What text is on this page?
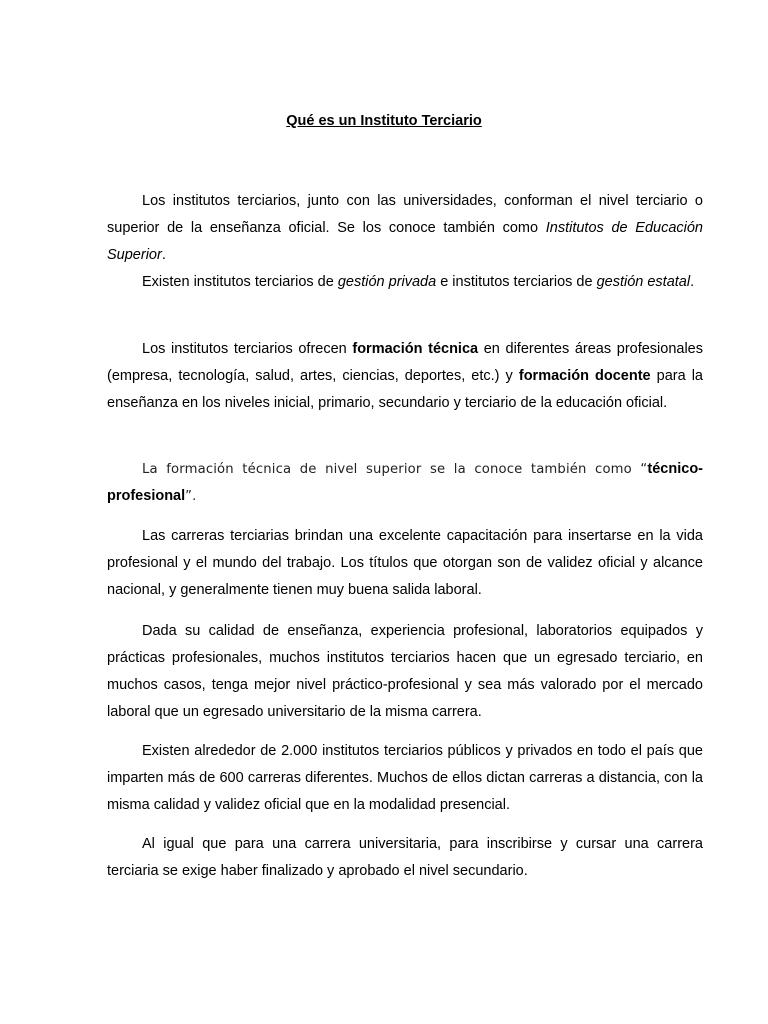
Qué es un Instituto Terciario

Los institutos terciarios, junto con las universidades, conforman el nivel terciario o superior de la enseñanza oficial. Se los conoce también como Institutos de Educación Superior.

Existen institutos terciarios de gestión privada e institutos terciarios de gestión estatal.

Los institutos terciarios ofrecen formación técnica en diferentes áreas profesionales (empresa, tecnología, salud, artes, ciencias, deportes, etc.) y formación docente para la enseñanza en los niveles inicial, primario, secundario y terciario de la educación oficial.

La formación técnica de nivel superior se la conoce también como “técnico-profesional”.

Las carreras terciarias brindan una excelente capacitación para insertarse en la vida profesional y el mundo del trabajo. Los títulos que otorgan son de validez oficial y alcance nacional, y generalmente tienen muy buena salida laboral.

Dada su calidad de enseñanza, experiencia profesional, laboratorios equipados y prácticas profesionales, muchos institutos terciarios hacen que un egresado terciario, en muchos casos, tenga mejor nivel práctico-profesional y sea más valorado por el mercado laboral que un egresado universitario de la misma carrera.

Existen alrededor de 2.000 institutos terciarios públicos y privados en todo el país que imparten más de 600 carreras diferentes. Muchos de ellos dictan carreras a distancia, con la misma calidad y validez oficial que en la modalidad presencial.

Al igual que para una carrera universitaria, para inscribirse y cursar una carrera terciaria se exige haber finalizado y aprobado el nivel secundario.
